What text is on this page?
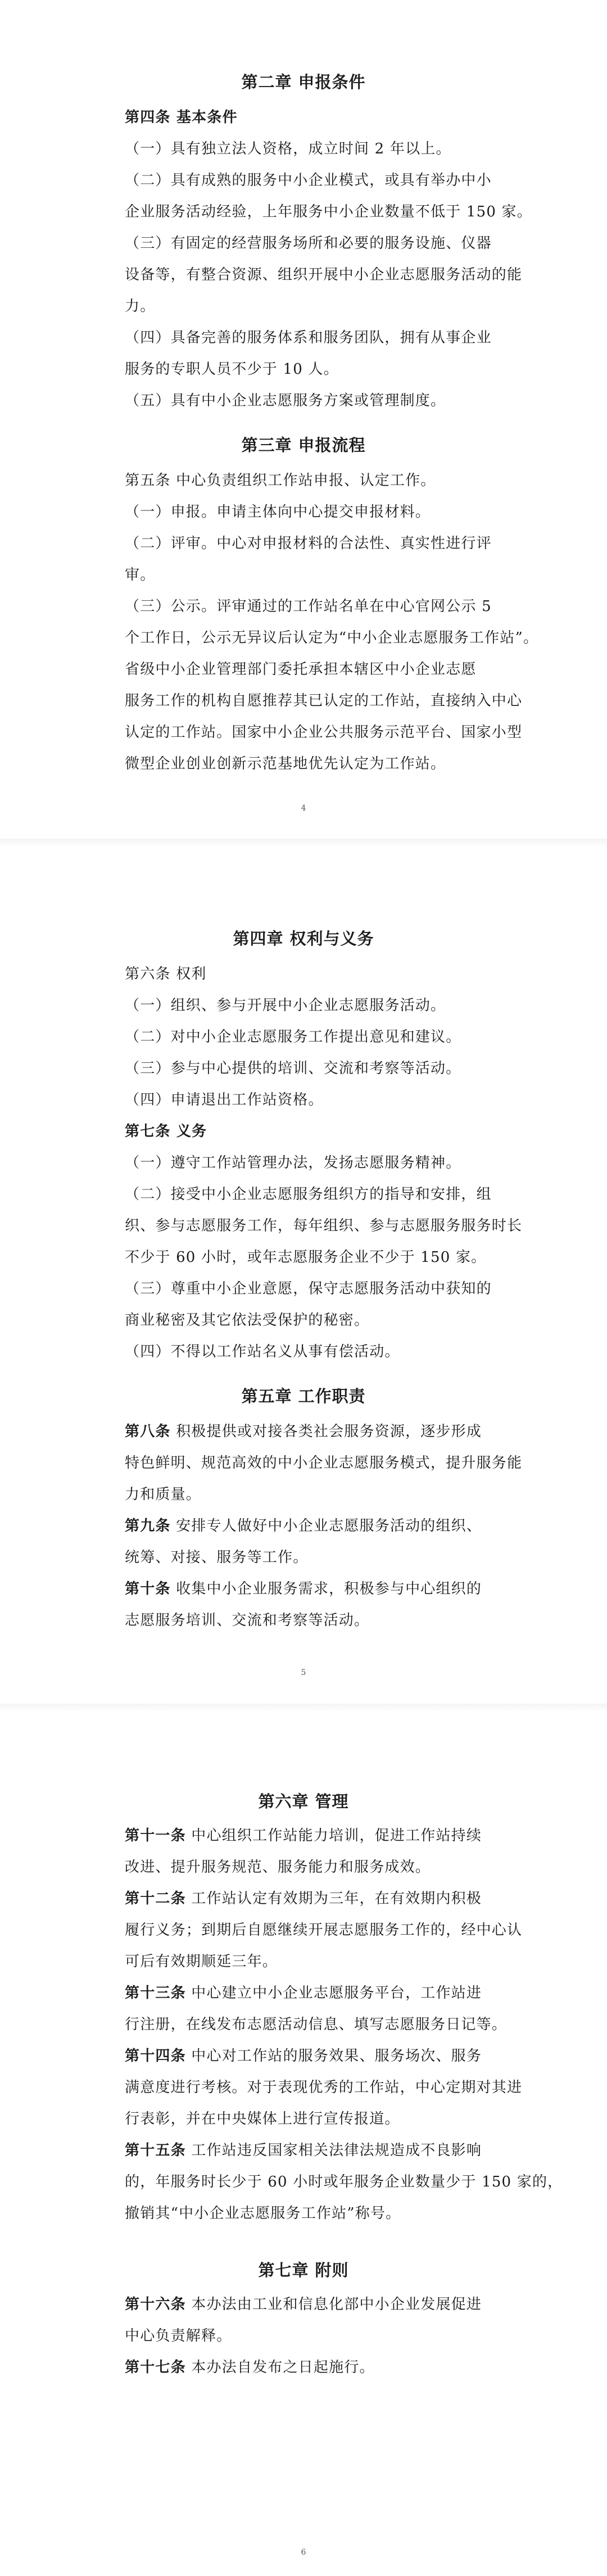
第二章 申报条件
第四条 基本条件
（一）具有独立法人资格，成立时间 2 年以上。
（二）具有成熟的服务中小企业模式，或具有举办中小
企业服务活动经验，上年服务中小企业数量不低于 150 家。
（三）有固定的经营服务场所和必要的服务设施、仪器
设备等，有整合资源、组织开展中小企业志愿服务活动的能
力。
（四）具备完善的服务体系和服务团队，拥有从事企业
服务的专职人员不少于 10 人。
（五）具有中小企业志愿服务方案或管理制度。
第三章 申报流程
第五条 中心负责组织工作站申报、认定工作。
（一）申报。申请主体向中心提交申报材料。
（二）评审。中心对申报材料的合法性、真实性进行评
审。
（三）公示。评审通过的工作站名单在中心官网公示 5
个工作日，公示无异议后认定为“中小企业志愿服务工作站”。
省级中小企业管理部门委托承担本辖区中小企业志愿
服务工作的机构自愿推荐其已认定的工作站，直接纳入中心
认定的工作站。国家中小企业公共服务示范平台、国家小型
微型企业创业创新示范基地优先认定为工作站。
4
第四章 权利与义务
第六条 权利
（一）组织、参与开展中小企业志愿服务活动。
（二）对中小企业志愿服务工作提出意见和建议。
（三）参与中心提供的培训、交流和考察等活动。
（四）申请退出工作站资格。
第七条 义务
（一）遵守工作站管理办法，发扬志愿服务精神。
（二）接受中小企业志愿服务组织方的指导和安排，组
织、参与志愿服务工作，每年组织、参与志愿服务服务时长
不少于 60 小时，或年志愿服务企业不少于 150 家。
（三）尊重中小企业意愿，保守志愿服务活动中获知的
商业秘密及其它依法受保护的秘密。
（四）不得以工作站名义从事有偿活动。
第五章 工作职责
第八条 积极提供或对接各类社会服务资源，逐步形成
特色鲜明、规范高效的中小企业志愿服务模式，提升服务能
力和质量。
第九条 安排专人做好中小企业志愿服务活动的组织、
统筹、对接、服务等工作。
第十条 收集中小企业服务需求，积极参与中心组织的
志愿服务培训、交流和考察等活动。
5
第六章 管理
第十一条 中心组织工作站能力培训，促进工作站持续
改进、提升服务规范、服务能力和服务成效。
第十二条 工作站认定有效期为三年，在有效期内积极
履行义务；到期后自愿继续开展志愿服务工作的，经中心认
可后有效期顺延三年。
第十三条 中心建立中小企业志愿服务平台，工作站进
行注册，在线发布志愿活动信息、填写志愿服务日记等。
第十四条 中心对工作站的服务效果、服务场次、服务
满意度进行考核。对于表现优秀的工作站，中心定期对其进
行表彰，并在中央媒体上进行宣传报道。
第十五条 工作站违反国家相关法律法规造成不良影响
的，年服务时长少于 60 小时或年服务企业数量少于 150 家的，
撤销其“中小企业志愿服务工作站”称号。
第七章 附则
第十六条 本办法由工业和信息化部中小企业发展促进
中心负责解释。
第十七条 本办法自发布之日起施行。
6
